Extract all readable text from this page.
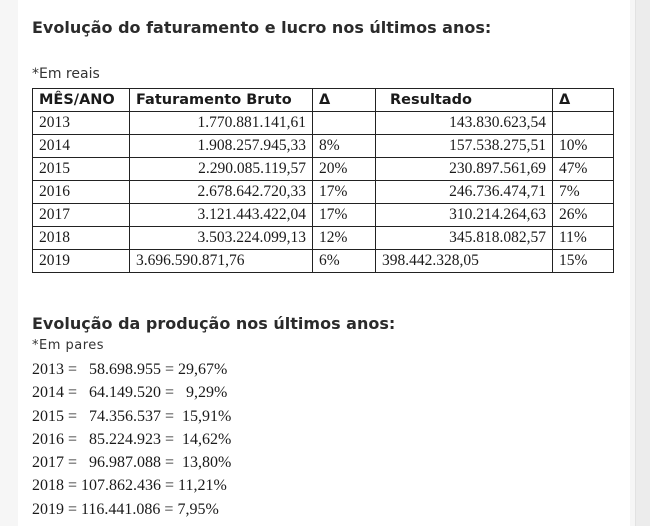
Evolução do faturamento e lucro nos últimos anos:
*Em reais
MÊS/ANO	Faturamento Bruto	Δ	Resultado	Δ
2013	1.770.881.141,61		143.830.623,54	
2014	1.908.257.945,33	8%	157.538.275,51	10%
2015	2.290.085.119,57	20%	230.897.561,69	47%
2016	2.678.642.720,33	17%	246.736.474,71	7%
2017	3.121.443.422,04	17%	310.214.264,63	26%
2018	3.503.224.099,13	12%	345.818.082,57	11%
2019	3.696.590.871,76	6%	398.442.328,05	15%
Evolução da produção nos últimos anos:
*Em pares
2013 =   58.698.955 = 29,67%
2014 =   64.149.520 =   9,29%
2015 =   74.356.537 =  15,91%
2016 =   85.224.923 =  14,62%
2017 =   96.987.088 =  13,80%
2018 = 107.862.436 = 11,21%
2019 = 116.441.086 = 7,95%
